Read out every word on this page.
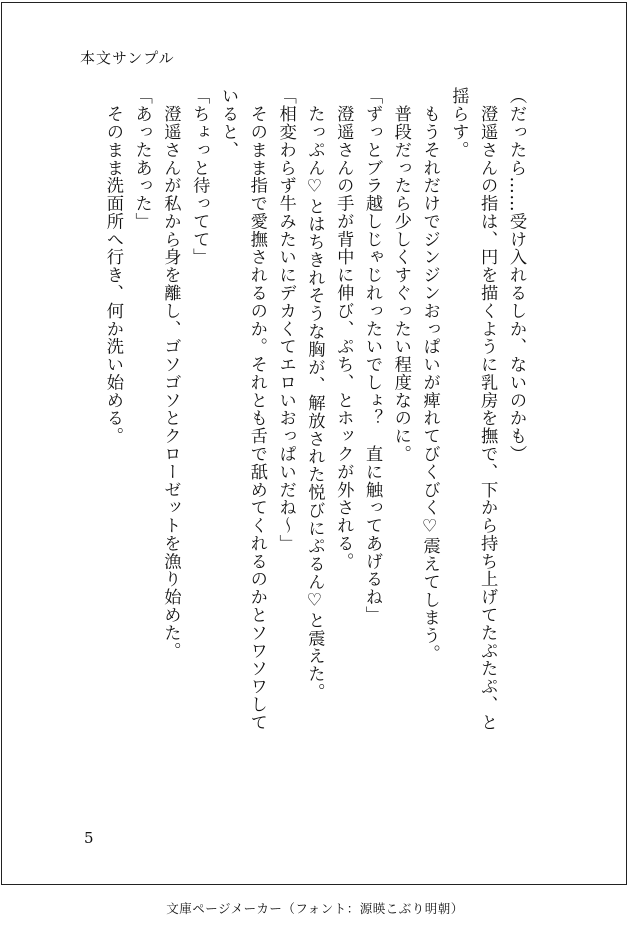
本文サンプル

（だったら……受け入れるしか、ないのかも）

　澄遥さんの指は、円を描くように乳房を撫で、下から持ち上げてたぷたぷ、と

揺らす。

　もうそれだけでジンジンおっぱいが痺れてびくびく♡震えてしまう。

　普段だったら少しくすぐったい程度なのに。

「ずっとブラ越しじゃじれったいでしょ？　直に触ってあげるね」

　澄遥さんの手が背中に伸び、ぷち、とホックが外される。

　たっぷん♡とはちきれそうな胸が、解放された悦びにぷるん♡と震えた。

「相変わらず牛みたいにデカくてエロいおっぱいだね〜」

　そのまま指で愛撫されるのか。それとも舌で舐めてくれるのかとソワソワして

いると、

「ちょっと待ってて」

　澄遥さんが私から身を離し、ゴソゴソとクローゼットを漁り始めた。

「あったあった」

　そのまま洗面所へ行き、何か洗い始める。

5
文庫ページメーカー（フォント：源暎こぶり明朝）
